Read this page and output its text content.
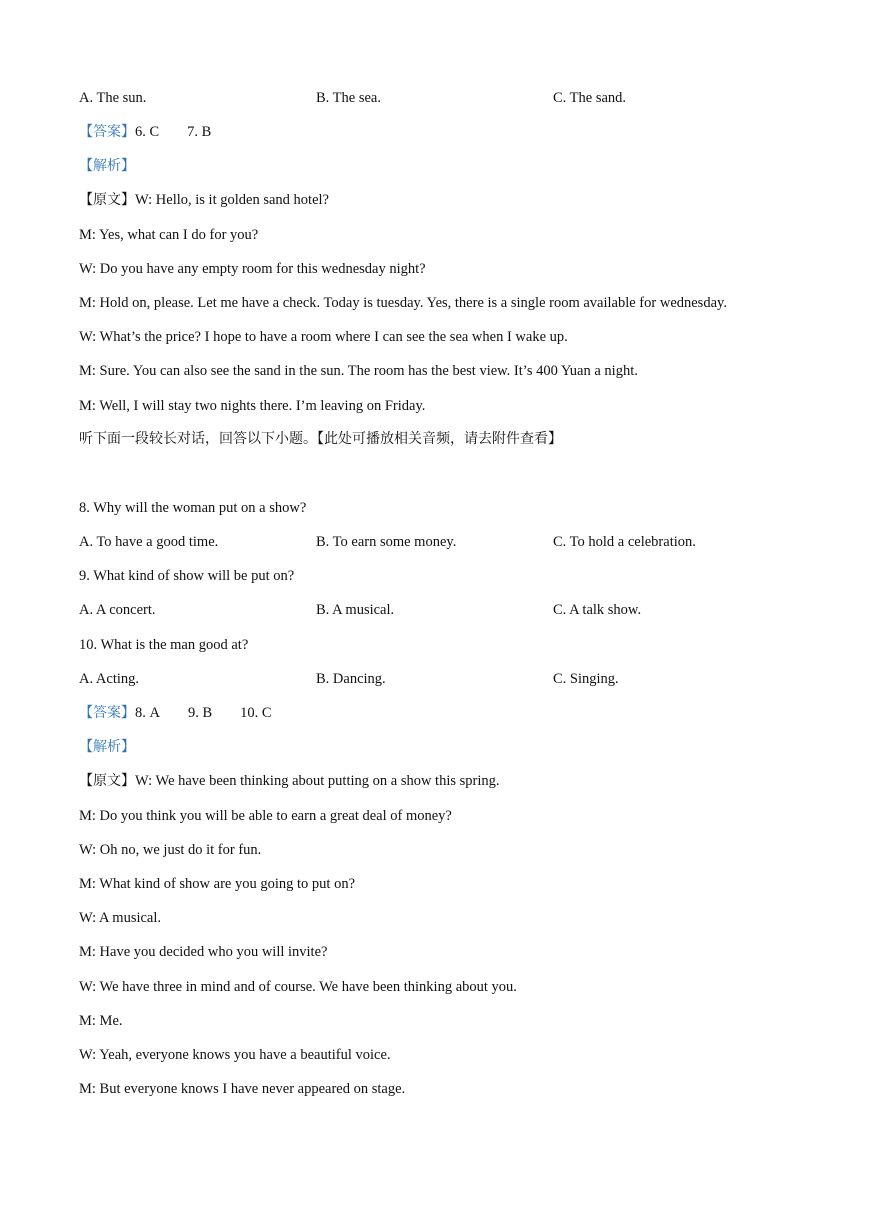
A. The sun.	B. The sea.	C. The sand.
【答案】6. C 7. B
【解析】
【原文】W: Hello, is it golden sand hotel?
M: Yes, what can I do for you?
W: Do you have any empty room for this wednesday night?
M: Hold on, please. Let me have a check. Today is tuesday. Yes, there is a single room available for wednesday.
W: What’s the price? I hope to have a room where I can see the sea when I wake up.
M: Sure. You can also see the sand in the sun. The room has the best view. It’s 400 Yuan a night.
M: Well, I will stay two nights there. I’m leaving on Friday.
听下面一段较长对话，回答以下小题。【此处可播放相关音频，请去附件查看】
8. Why will the woman put on a show?
A. To have a good time.	B. To earn some money.	C. To hold a celebration.
9. What kind of show will be put on?
A. A concert.	B. A musical.	C. A talk show.
10. What is the man good at?
A. Acting.	B. Dancing.	C. Singing.
【答案】8. A 9. B 10. C
【解析】
【原文】W: We have been thinking about putting on a show this spring.
M: Do you think you will be able to earn a great deal of money?
W: Oh no, we just do it for fun.
M: What kind of show are you going to put on?
W: A musical.
M: Have you decided who you will invite?
W: We have three in mind and of course. We have been thinking about you.
M: Me.
W: Yeah, everyone knows you have a beautiful voice.
M: But everyone knows I have never appeared on stage.
